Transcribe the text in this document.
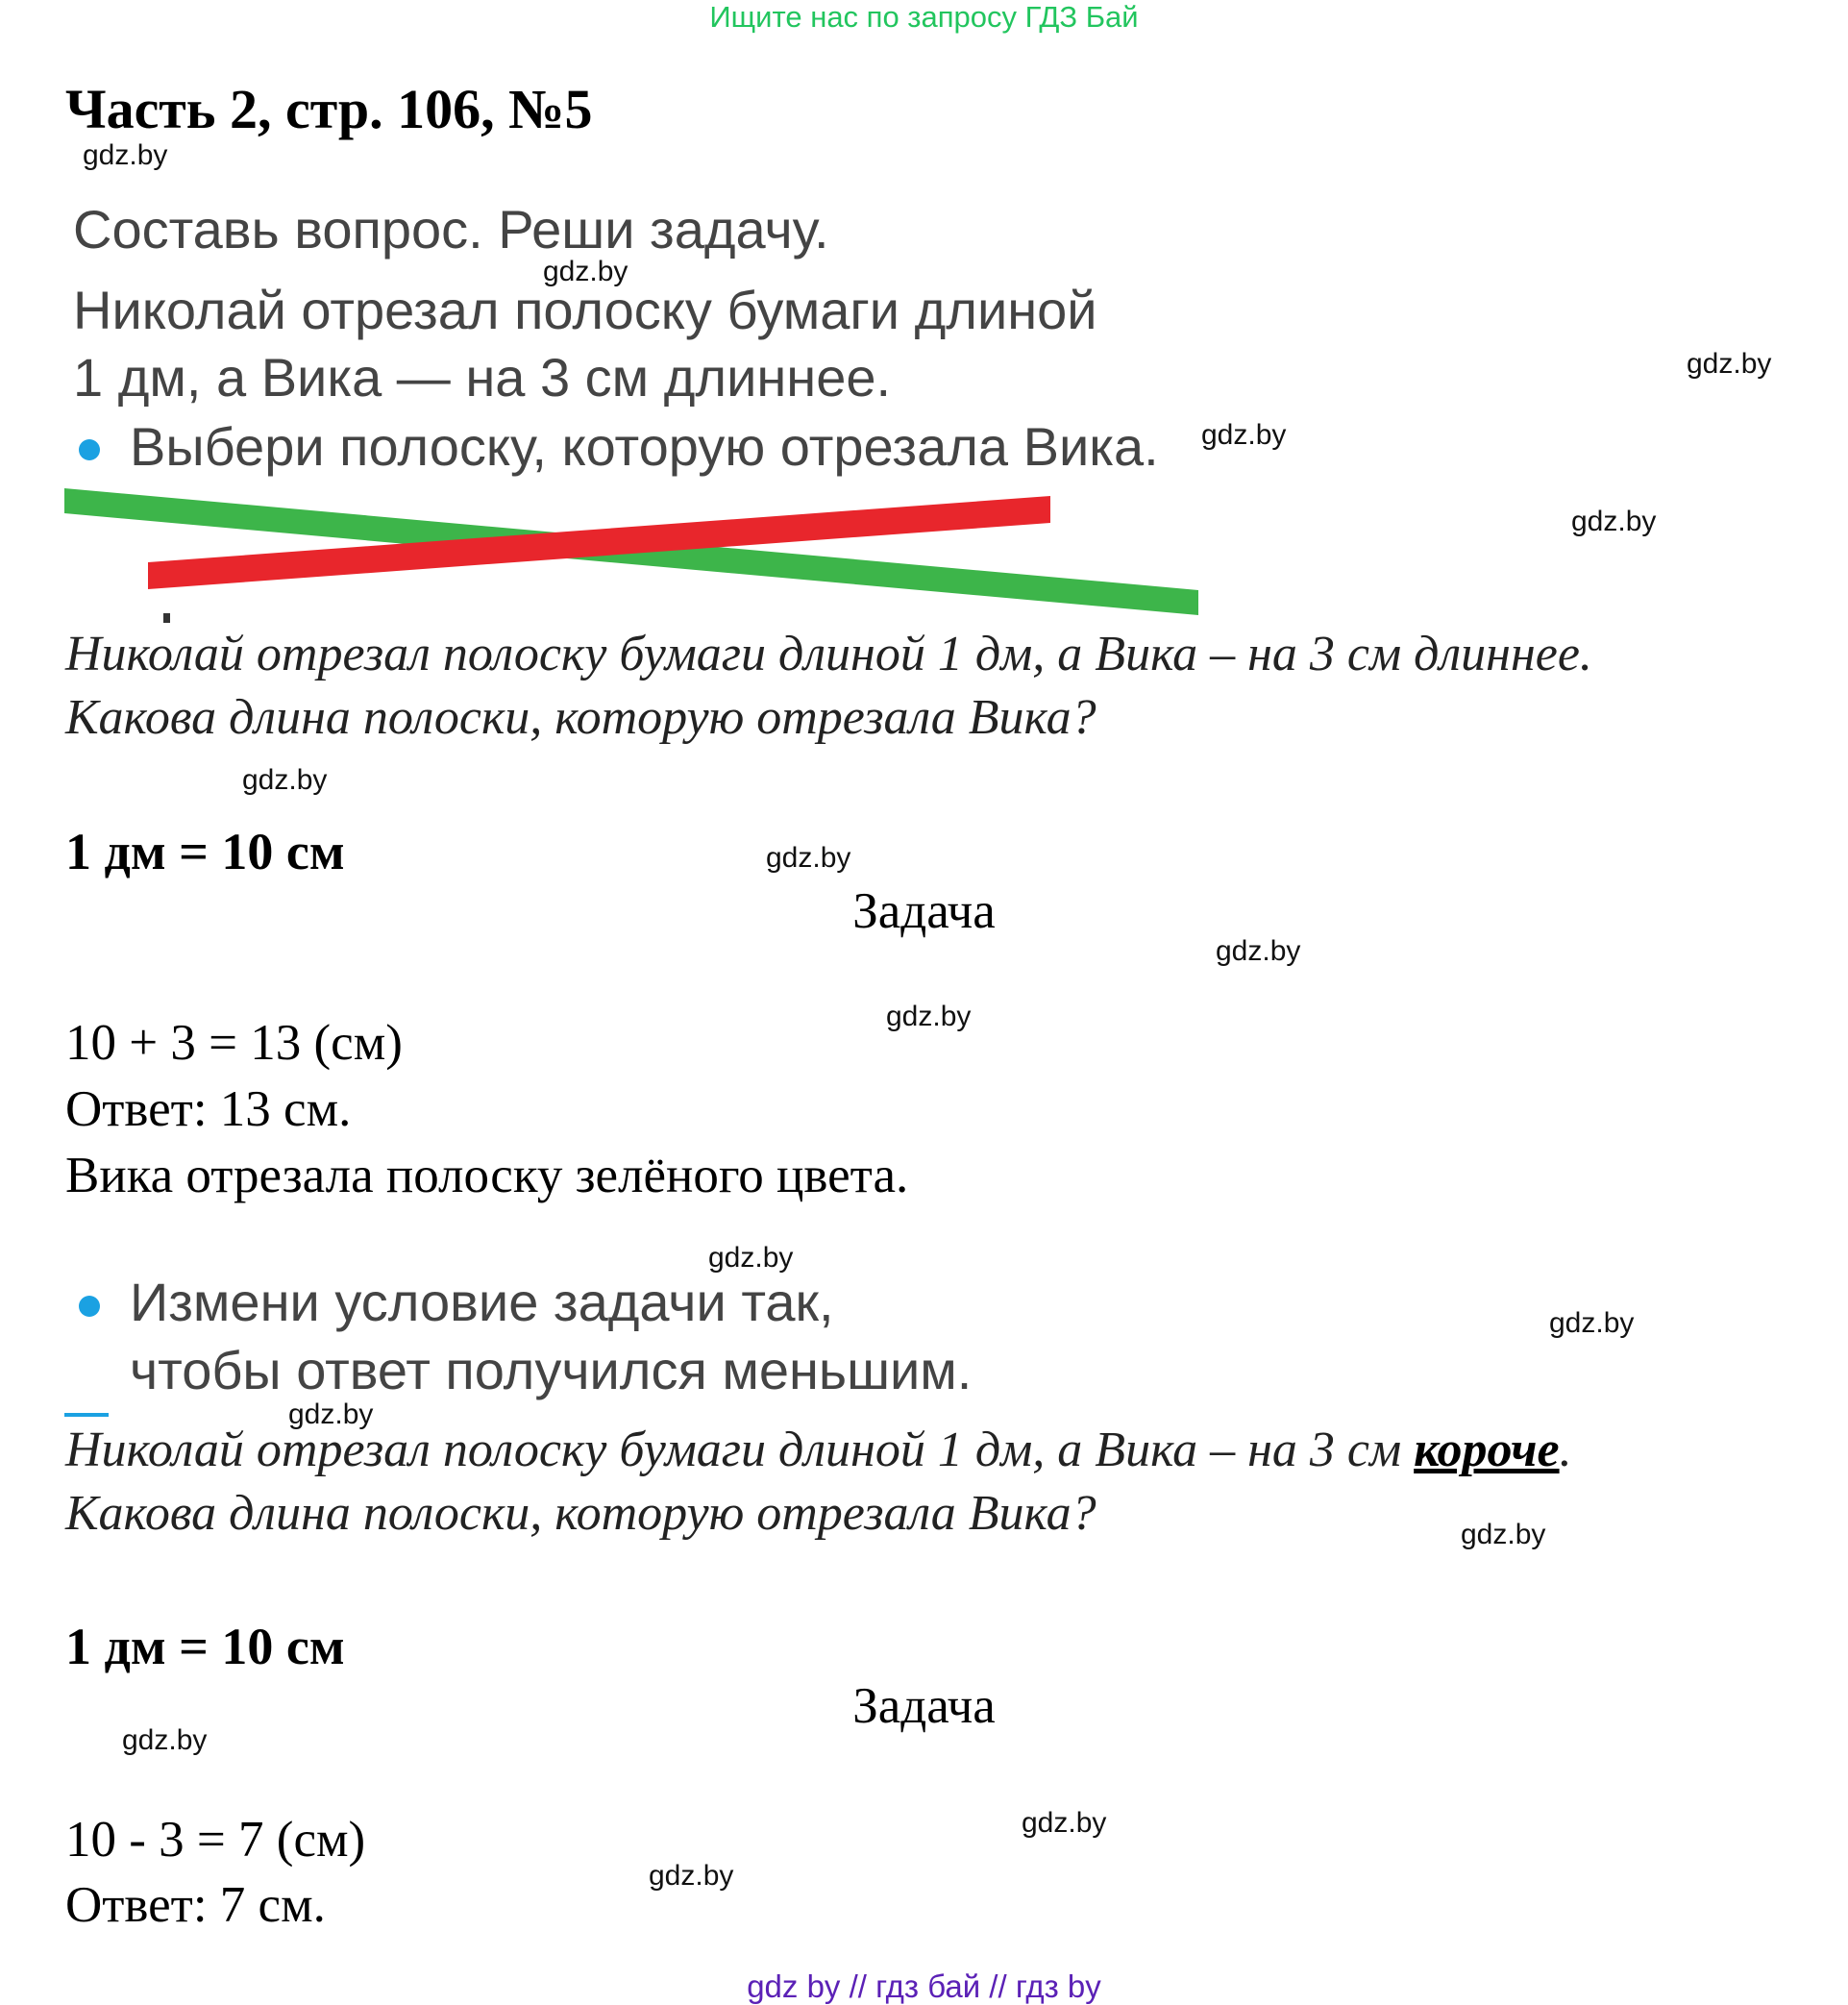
Ищите нас по запросу ГДЗ Бай
Часть 2, стр. 106, №5
gdz.by
Составь вопрос. Реши задачу.
gdz.by
Николай отрезал полоску бумаги длиной
1 дм, а Вика — на 3 см длиннее.	gdz.by
Выбери полоску, которую отрезала Вика. gdz.by
gdz.by
Николай отрезал полоску бумаги длиной 1 дм, а Вика – на 3 см длиннее.
Какова длина полоски, которую отрезала Вика?
gdz.by
1 дм = 10 см	gdz.by
Задача
gdz.by
gdz.by
10 + 3 = 13 (см)
Ответ: 13 см.
Вика отрезала полоску зелёного цвета.
gdz.by
Измени условие задачи так,	gdz.by
чтобы ответ получился меньшим.
gdz.by
Николай отрезал полоску бумаги длиной 1 дм, а Вика – на 3 см короче.
Какова длина полоски, которую отрезала Вика?	gdz.by
1 дм = 10 см
Задача
gdz.by
gdz.by
10 - 3 = 7 (см)
gdz.by
Ответ: 7 см.
gdz by // гдз бай // гдз by
